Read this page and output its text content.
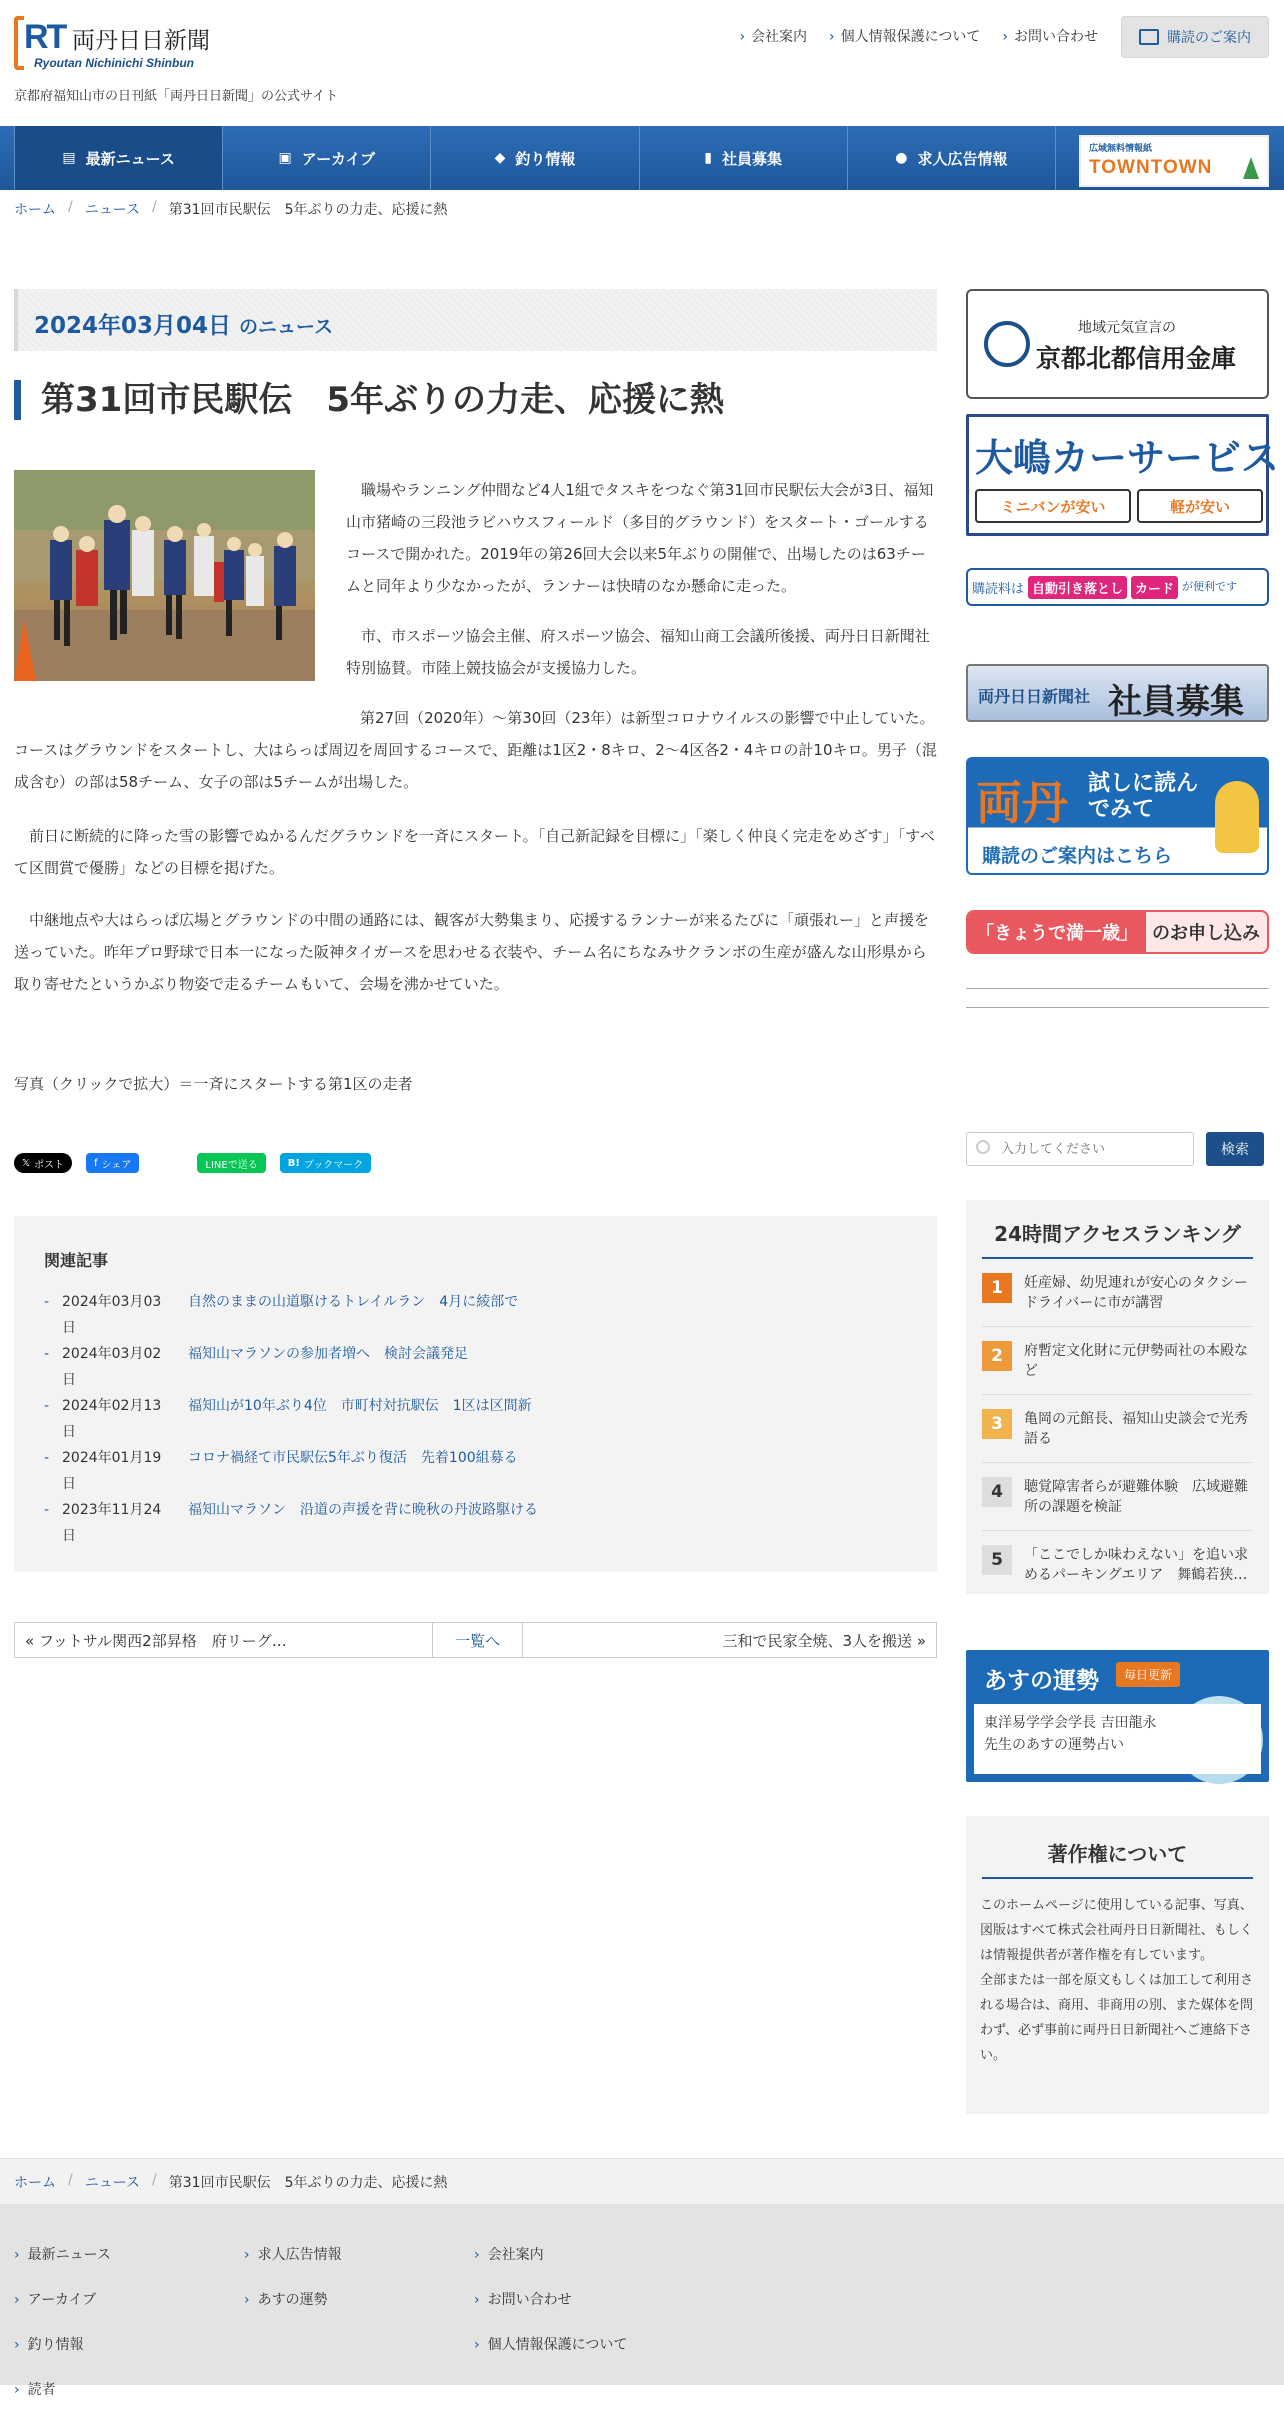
RT 両丹日日新聞
Ryoutan Nichinichi Shinbun
京都府福知山市の日刊紙「両丹日日新聞」の公式サイト
› 会社案内 › 個人情報保護について › お問い合わせ	購読のご案内
▤ 最新ニュース	▣ アーカイブ	◆ 釣り情報	▮ 社員募集	● 求人広告情報
広域無料情報紙
TOWNTOWN
ホーム / ニュース / 第31回市民駅伝　5年ぶりの力走、応援に熱
2024年03月04日 のニュース
第31回市民駅伝　5年ぶりの力走、応援に熱

職場やランニング仲間など4人1組でタスキをつなぐ第31回市民駅伝大会が3日、福知山市猪崎の三段池ラビハウスフィールド（多目的グラウンド）をスタート・ゴールするコースで開かれた。2019年の第26回大会以来5年ぶりの開催で、出場したのは63チームと同年より少なかったが、ランナーは快晴のなか懸命に走った。

市、市スポーツ協会主催、府スポーツ協会、福知山商工会議所後援、両丹日日新聞社特別協賛。市陸上競技協会が支援協力した。

第27回（2020年）～第30回（23年）は新型コロナウイルスの影響で中止していた。コースはグラウンドをスタートし、大はらっぱ周辺を周回するコースで、距離は1区2・8キロ、2～4区各2・4キロの計10キロ。男子（混成含む）の部は58チーム、女子の部は5チームが出場した。

前日に断続的に降った雪の影響でぬかるんだグラウンドを一斉にスタート。「自己新記録を目標に」「楽しく仲良く完走をめざす」「すべて区間賞で優勝」などの目標を掲げた。

中継地点や大はらっぱ広場とグラウンドの中間の通路には、観客が大勢集まり、応援するランナーが来るたびに「頑張れー」と声援を送っていた。昨年プロ野球で日本一になった阪神タイガースを思わせる衣装や、チーム名にちなみサクランボの生産が盛んな山形県から取り寄せたというかぶり物姿で走るチームもいて、会場を沸かせていた。

写真（クリックで拡大）＝一斉にスタートする第1区の走者
𝕏 ポスト	f シェア	LINEで送る	B! ブックマーク
関連記事
- 2024年03月03
日
自然のままの山道駆けるトレイルラン　4月に綾部で
- 2024年03月02
日
福知山マラソンの参加者増へ　検討会議発足
- 2024年02月13
日
福知山が10年ぶり4位　市町村対抗駅伝　1区は区間新
- 2024年01月19
日
コロナ禍経て市民駅伝5年ぶり復活　先着100組募る
- 2023年11月24
日
福知山マラソン　沿道の声援を背に晩秋の丹波路駆ける
« フットサル関西2部昇格　府リーグ…	一覧へ	三和で民家全焼、3人を搬送 »
地域元気宣言の
京都北都信用金庫
大嶋カーサービス
ミニバンが安い	軽が安い
購読料は 自動引き落とし カード が便利です
両丹日日新聞社 社員募集
両丹 試しに読んでみて
購読のご案内はこちら
「きょうで満一歳」 のお申し込み
入力してください
検索
24時間アクセスランキング
1	妊産婦、幼児連れが安心のタクシードライバーに市が講習
2	府暫定文化財に元伊勢両社の本殿など
3	亀岡の元館長、福知山史談会で光秀語る
4	聴覚障害者らが避難体験　広域避難所の課題を検証
5	「ここでしか味わえない」を追い求めるパーキングエリア　舞鶴若狭…
あすの運勢	毎日更新
東洋易学学会学長 吉田龍永
先生のあすの運勢占い
著作権について

このホームページに使用している記事、写真、図版はすべて株式会社両丹日日新聞社、もしくは情報提供者が著作権を有しています。
全部または一部を原文もしくは加工して利用される場合は、商用、非商用の別、また媒体を問わず、必ず事前に両丹日日新聞社へご連絡下さい。

ホーム / ニュース / 第31回市民駅伝　5年ぶりの力走、応援に熱
› 最新ニュース
› アーカイブ
› 釣り情報
› 読者
› 求人広告情報
› あすの運勢
› 会社案内
› お問い合わせ
› 個人情報保護について
